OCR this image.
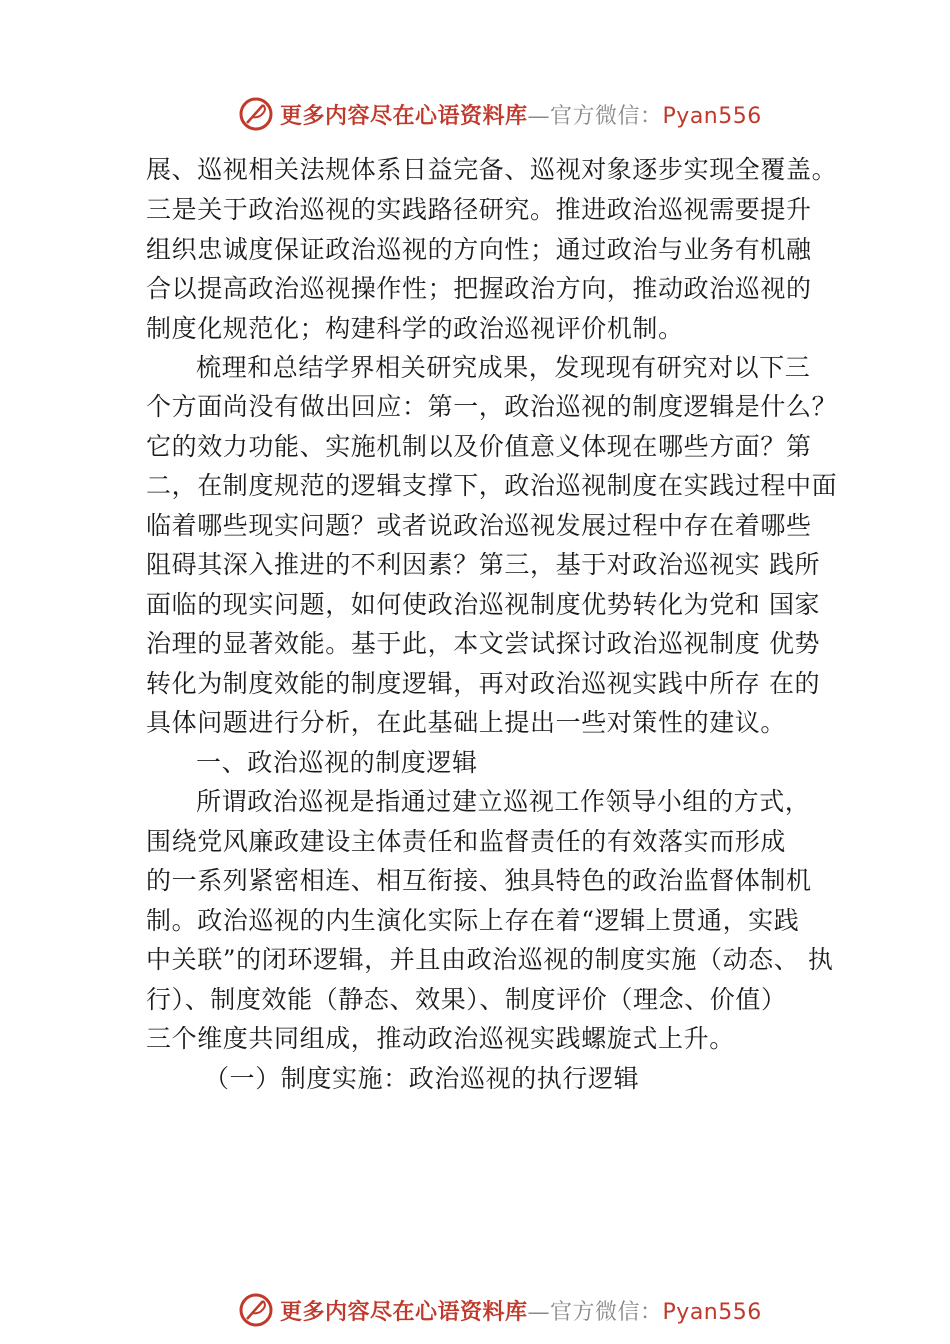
更多内容尽在心语资料库—官方微信：Pyan556
展、巡视相关法规体系日益完备、巡视对象逐步实现全覆盖。
三是关于政治巡视的实践路径研究。推进政治巡视需要提升
组织忠诚度保证政治巡视的方向性；通过政治与业务有机融
合以提高政治巡视操作性；把握政治方向，推动政治巡视的
制度化规范化；构建科学的政治巡视评价机制。
梳理和总结学界相关研究成果，发现现有研究对以下三
个方面尚没有做出回应：第一，政治巡视的制度逻辑是什么？
它的效力功能、实施机制以及价值意义体现在哪些方面？第
二，在制度规范的逻辑支撑下，政治巡视制度在实践过程中面
临着哪些现实问题？或者说政治巡视发展过程中存在着哪些
阻碍其深入推进的不利因素？第三，基于对政治巡视实 践所
面临的现实问题，如何使政治巡视制度优势转化为党和 国家
治理的显著效能。基于此，本文尝试探讨政治巡视制度 优势
转化为制度效能的制度逻辑，再对政治巡视实践中所存 在的
具体问题进行分析，在此基础上提出一些对策性的建议。
一、政治巡视的制度逻辑
所谓政治巡视是指通过建立巡视工作领导小组的方式，
围绕党风廉政建设主体责任和监督责任的有效落实而形成
的一系列紧密相连、相互衔接、独具特色的政治监督体制机
制。政治巡视的内生演化实际上存在着“逻辑上贯通，实践
中关联”的闭环逻辑，并且由政治巡视的制度实施（动态、 执
行）、制度效能（静态、效果）、制度评价（理念、价值）
三个维度共同组成，推动政治巡视实践螺旋式上升。
（一）制度实施：政治巡视的执行逻辑
更多内容尽在心语资料库—官方微信：Pyan556
